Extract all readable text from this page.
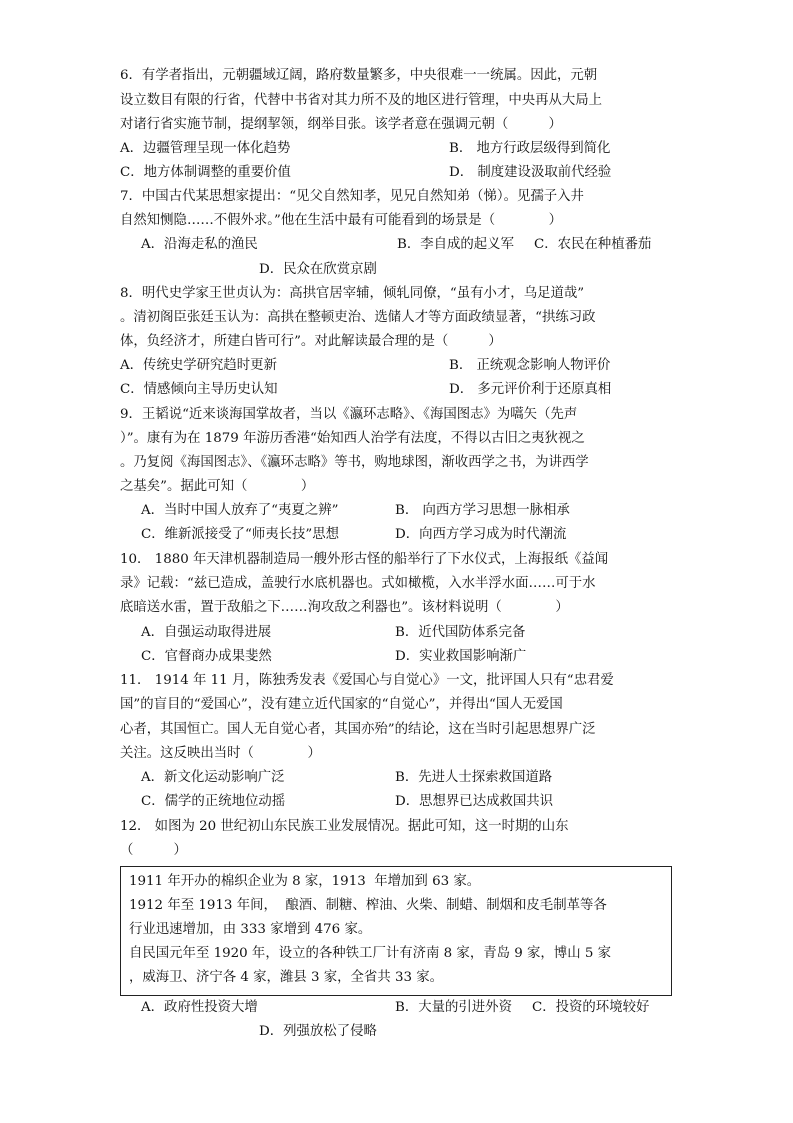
6．有学者指出，元朝疆域辽阔，路府数量繁多，中央很难一一统属。因此，元朝
设立数目有限的行省，代替中书省对其力所不及的地区进行管理，中央再从大局上
对诸行省实施节制，提纲挈领，纲举目张。该学者意在强调元朝（　　　）
A．边疆管理呈现一体化趋势	B． 地方行政层级得到简化
C．地方体制调整的重要价值	D． 制度建设汲取前代经验
7．中国古代某思想家提出：“见父自然知孝，见兄自然知弟（悌）。见孺子入井
自然知恻隐……不假外求。”他在生活中最有可能看到的场景是（　　　　）
A．沿海走私的渔民	B．李自成的起义军 C．农民在种植番茄
D．民众在欣赏京剧
8．明代史学家王世贞认为：高拱官居宰辅，倾轧同僚，“虽有小才，乌足道哉”
。清初阁臣张廷玉认为：高拱在整顿吏治、选储人才等方面政绩显著，“拱练习政
体，负经济才，所建白皆可行”。对此解读最合理的是（　　　）
A．传统史学研究趋时更新	B． 正统观念影响人物评价
C．情感倾向主导历史认知	D． 多元评价利于还原真相
9．王韬说“近来谈海国掌故者，当以《瀛环志略》、《海国图志》为嚆矢（先声
）”。康有为在 1879 年游历香港“始知西人治学有法度，不得以古旧之夷狄视之
。乃复阅《海国图志》、《瀛环志略》等书，购地球图，渐收西学之书，为讲西学
之基矣”。据此可知（　　　　）
A．当时中国人放弃了“夷夏之辨”	B． 向西方学习思想一脉相承
C．维新派接受了“师夷长技”思想	D．向西方学习成为时代潮流
10． 1880 年天津机器制造局一艘外形古怪的船举行了下水仪式，上海报纸《益闻
录》记载：“兹已造成，盖驶行水底机器也。式如橄榄，入水半浮水面……可于水
底暗送水雷，置于敌船之下……洵攻敌之利器也”。该材料说明（　　　　）
A．自强运动取得进展	B．近代国防体系完备
C．官督商办成果斐然	D．实业救国影响渐广
11． 1914 年 11 月，陈独秀发表《爱国心与自觉心》一文，批评国人只有“忠君爱
国”的盲目的“爱国心”，没有建立近代国家的“自觉心”，并得出“国人无爱国
心者，其国恒亡。国人无自觉心者，其国亦殆”的结论，这在当时引起思想界广泛
关注。这反映出当时（　　　　）
A．新文化运动影响广泛	B．先进人士探索救国道路
C．儒学的正统地位动摇	D．思想界已达成救国共识
12． 如图为 20 世纪初山东民族工业发展情况。据此可知，这一时期的山东
（　　　）
1911 年开办的棉织企业为 8 家，1913  年增加到 63 家。
1912 年至 1913 年间，  酿酒、制糖、榨油、火柴、制蜡、制烟和皮毛制革等各
行业迅速增加，由 333 家增到 476 家。
自民国元年至 1920 年，设立的各种铁工厂计有济南 8 家，青岛 9 家，博山 5 家
，威海卫、济宁各 4 家，潍县 3 家，全省共 33 家。
A．政府性投资大增	B．大量的引进外资 C．投资的环境较好
D．列强放松了侵略
